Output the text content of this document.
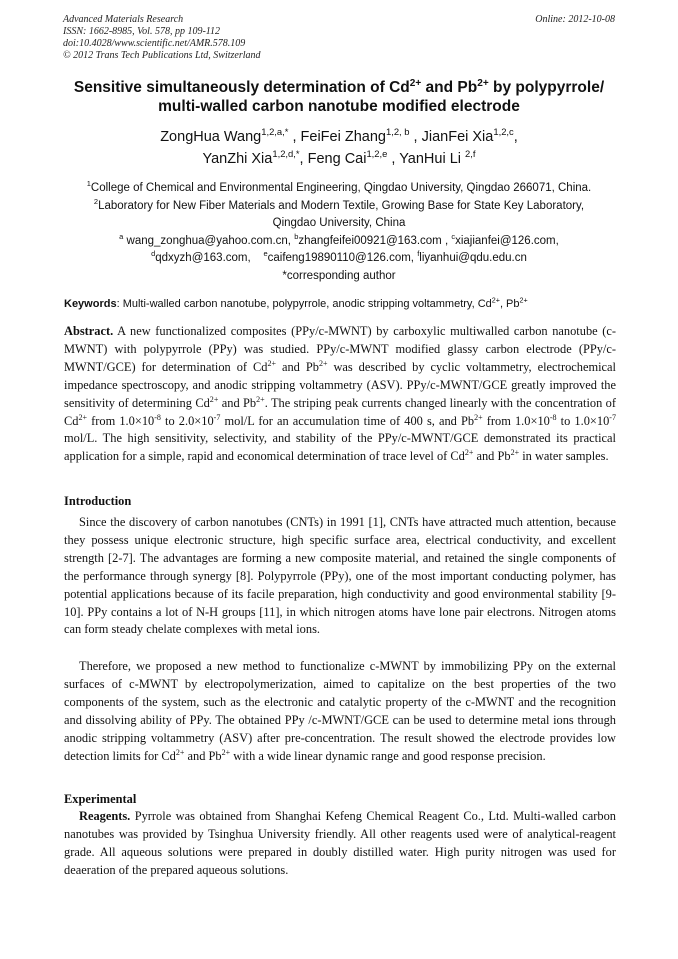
Advanced Materials Research
ISSN: 1662-8985, Vol. 578, pp 109-112
doi:10.4028/www.scientific.net/AMR.578.109
© 2012 Trans Tech Publications Ltd, Switzerland
Online: 2012-10-08
Sensitive simultaneously determination of $Cd^{2+}$ and $Pb^{2+}$ by polypyrrole/
multi-walled carbon nanotube modified electrode
ZongHua Wang$^{1,2,a,*}$ , FeiFei Zhang$^{1,2, b}$ , JianFei Xia$^{1,2,c}$,
YanZhi Xia$^{1,2,d,*}$, Feng Cai$^{1,2,e}$ , YanHui Li $^{2,f}$
$^1$College of Chemical and Environmental Engineering, Qingdao University, Qingdao 266071, China.
$^2$Laboratory for New Fiber Materials and Modern Textile, Growing Base for State Key Laboratory,
Qingdao University, China
$^a$ wang_zonghua@yahoo.com.cn, $^b$zhangfeifei00921@163.com , $^c$xiajianfei@126.com,
$^d$qdxyzh@163.com, $^e$caifeng19890110@126.com, $^f$liyanhui@qdu.edu.cn
*corresponding author
Keywords: Multi-walled carbon nanotube, polypyrrole, anodic stripping voltammetry, $Cd^{2+}$, $Pb^{2+}$

Abstract. A new functionalized composites (PPy/c-MWNT) by carboxylic multiwalled carbon nanotube (c-MWNT) with polypyrrole (PPy) was studied. PPy/c-MWNT modified glassy carbon electrode (PPy/c-MWNT/GCE) for determination of $Cd^{2+}$ and $Pb^{2+}$ was described by cyclic voltammetry, electrochemical impedance spectroscopy, and anodic stripping voltammetry (ASV). PPy/c-MWNT/GCE greatly improved the sensitivity of determining $Cd^{2+}$ and $Pb^{2+}$. The striping peak currents changed linearly with the concentration of $Cd^{2+}$ from $1.0\times 10^{-8}$ to $2.0\times 10^{-7}$ mol/L for an accumulation time of 400 s, and $Pb^{2+}$ from $1.0\times 10^{-8}$ to $1.0\times 10^{-7}$ mol/L. The high sensitivity, selectivity, and stability of the PPy/c-MWNT/GCE demonstrated its practical application for a simple, rapid and economical determination of trace level of $Cd^{2+}$ and $Pb^{2+}$ in water samples.

Introduction

Since the discovery of carbon nanotubes (CNTs) in 1991 [1], CNTs have attracted much attention, because they possess unique electronic structure, high specific surface area, electrical conductivity, and excellent strength [2-7]. The advantages are forming a new composite material, and retained the single components of the performance through synergy [8]. Polypyrrole (PPy), one of the most important conducting polymer, has potential applications because of its facile preparation, high conductivity and good environmental stability [9-10]. PPy contains a lot of N-H groups [11], in which nitrogen atoms have lone pair electrons. Nitrogen atoms can form steady chelate complexes with metal ions.

Therefore, we proposed a new method to functionalize c-MWNT by immobilizing PPy on the external surfaces of c-MWNT by electropolymerization, aimed to capitalize on the best properties of the two components of the system, such as the electronic and catalytic property of the c-MWNT and the recognition and dissolving ability of PPy. The obtained PPy /c-MWNT/GCE can be used to determine metal ions through anodic stripping voltammetry (ASV) after pre-concentration. The result showed the electrode provides low detection limits for $Cd^{2+}$ and $Pb^{2+}$ with a wide linear dynamic range and good response precision.

Experimental

Reagents. Pyrrole was obtained from Shanghai Kefeng Chemical Reagent Co., Ltd. Multi-walled carbon nanotubes was provided by Tsinghua University friendly. All other reagents used were of analytical-reagent grade. All aqueous solutions were prepared in doubly distilled water. High purity nitrogen was used for deaeration of the prepared aqueous solutions.
